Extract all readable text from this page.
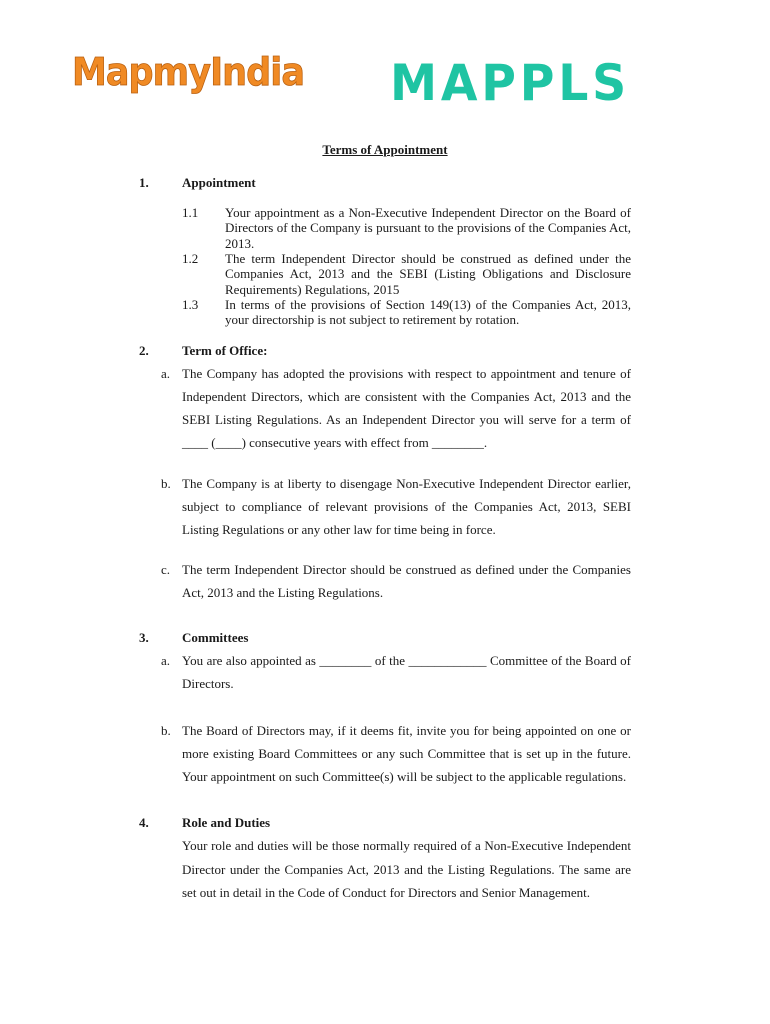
MapmyIndia MAPPLS
Terms of Appointment
1.	Appointment
1.1 Your appointment as a Non-Executive Independent Director on the Board of Directors of the Company is pursuant to the provisions of the Companies Act, 2013.
1.2 The term Independent Director should be construed as defined under the Companies Act, 2013 and the SEBI (Listing Obligations and Disclosure Requirements) Regulations, 2015
1.3 In terms of the provisions of Section 149(13) of the Companies Act, 2013, your directorship is not subject to retirement by rotation.
2.	Term of Office:
a. The Company has adopted the provisions with respect to appointment and tenure of Independent Directors, which are consistent with the Companies Act, 2013 and the SEBI Listing Regulations. As an Independent Director you will serve for a term of ____ (____) consecutive years with effect from ________.
b. The Company is at liberty to disengage Non-Executive Independent Director earlier, subject to compliance of relevant provisions of the Companies Act, 2013, SEBI Listing Regulations or any other law for time being in force.
c. The term Independent Director should be construed as defined under the Companies Act, 2013 and the Listing Regulations.
3.	Committees
a. You are also appointed as ________ of the ____________ Committee of the Board of Directors.
b. The Board of Directors may, if it deems fit, invite you for being appointed on one or more existing Board Committees or any such Committee that is set up in the future. Your appointment on such Committee(s) will be subject to the applicable regulations.
4.	Role and Duties
Your role and duties will be those normally required of a Non-Executive Independent Director under the Companies Act, 2013 and the Listing Regulations. The same are set out in detail in the Code of Conduct for Directors and Senior Management.
